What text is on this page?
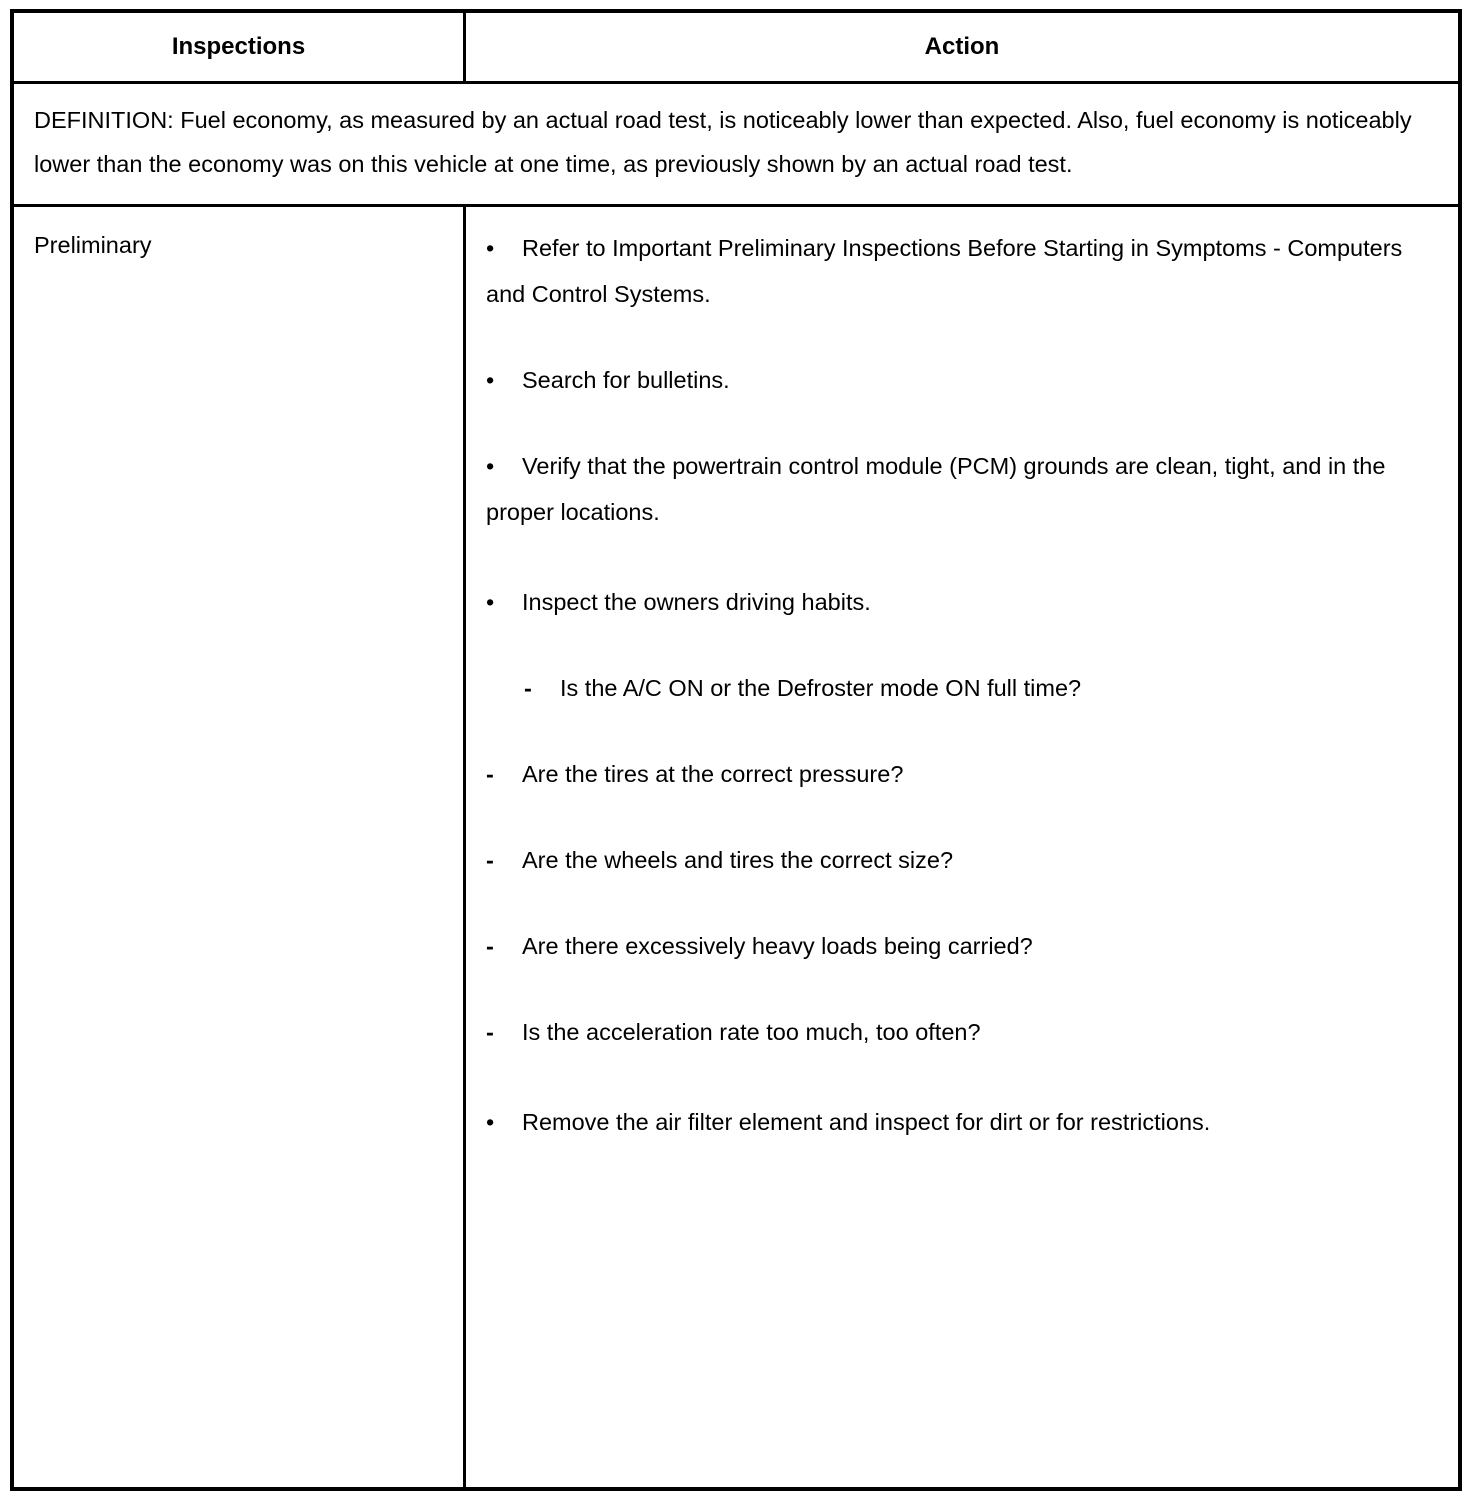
Inspections	Action
DEFINITION: Fuel economy, as measured by an actual road test, is noticeably lower than expected. Also, fuel economy is noticeably lower than the economy was on this vehicle at one time, as previously shown by an actual road test.
Preliminary	• Refer to Important Preliminary Inspections Before Starting in Symptoms - Computers and Control Systems.
• Search for bulletins.
• Verify that the powertrain control module (PCM) grounds are clean, tight, and in the proper locations.
• Inspect the owners driving habits.
- Is the A/C ON or the Defroster mode ON full time?
- Are the tires at the correct pressure?
- Are the wheels and tires the correct size?
- Are there excessively heavy loads being carried?
- Is the acceleration rate too much, too often?
• Remove the air filter element and inspect for dirt or for restrictions.
